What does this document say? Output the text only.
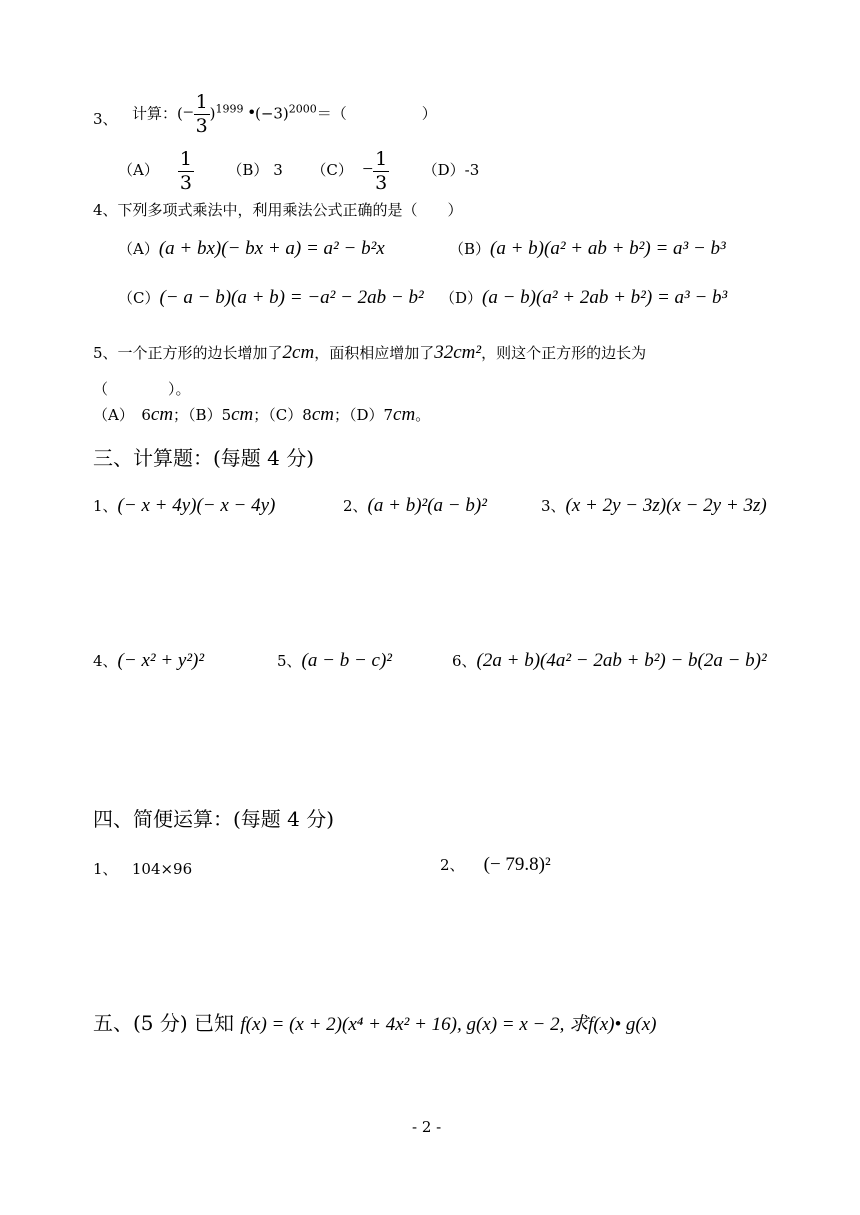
3、 计算：(− $\frac{1}{3} )^{1999}$ $•(-3)^{2000}=$（　　　　　）
$(A) \frac{1}{3} (B)$ 3 $(C) - \frac{1}{3} (D)-3$
4、下列多项式乘法中，利用乘法公式正确的是（　　）
（A）(a + bx)(− bx + a) = a² − b²x	（B）(a + b)(a² + ab + b²) = a³ − b³
（C）(− a − b)(a + b) = −a² − 2ab − b² （D）(a − b)(a² + 2ab + b²) = a³ − b³
5、一个正方形的边长增加了2cm，面积相应增加了32cm²，则这个正方形的边长为
（　　　　）。
（A）　6cm；（B）5cm；（C）8cm；（D）7cm。
三、计算题：(每题 4 分)
1、(− x + 4y)(− x − 4y)	2、(a + b)²(a − b)²	3、(x + 2y − 3z)(x − 2y + 3z)
4、(− x² + y²)²	5、(a − b − c)²	6、(2a + b)(4a² − 2ab + b²) − b(2a − b)²
四、简便运算：(每题 4 分)
1、 104×96	2、 (− 79.8)²
五、(5 分) 已知 f(x) = (x + 2)(x⁴ + 4x² + 16), g(x) = x − 2, 求f(x)• g(x)
- 2 -
